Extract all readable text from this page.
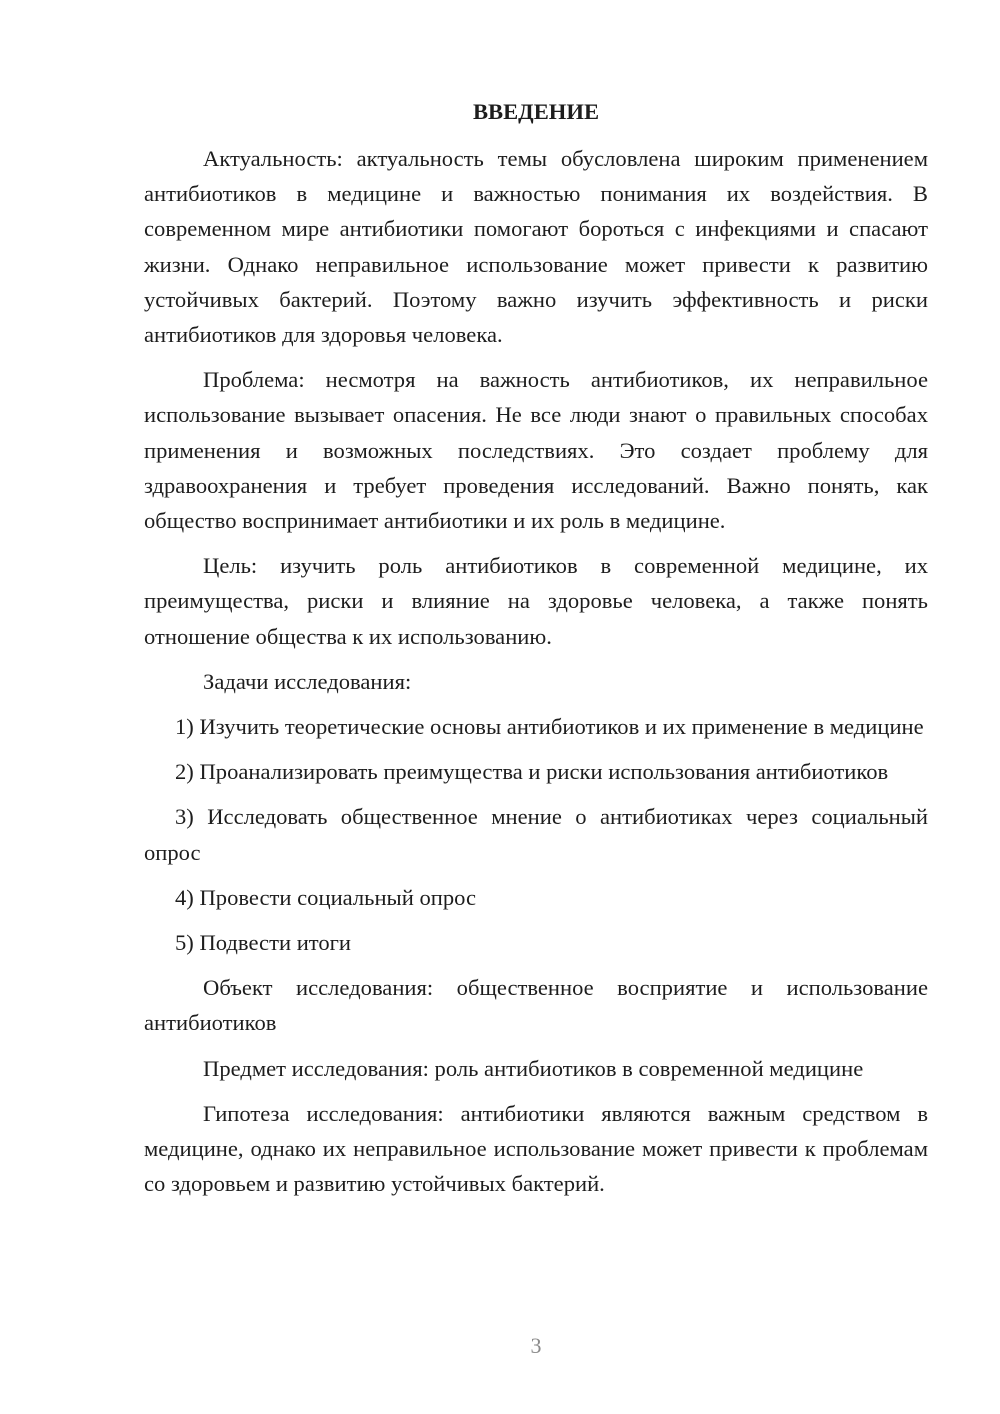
ВВЕДЕНИЕ

Актуальность: актуальность темы обусловлена широким применением антибиотиков в медицине и важностью понимания их воздействия. В современном мире антибиотики помогают бороться с инфекциями и спасают жизни. Однако неправильное использование может привести к развитию устойчивых бактерий. Поэтому важно изучить эффективность и риски антибиотиков для здоровья человека.

Проблема: несмотря на важность антибиотиков, их неправильное использование вызывает опасения. Не все люди знают о правильных способах применения и возможных последствиях. Это создает проблему для здравоохранения и требует проведения исследований. Важно понять, как общество воспринимает антибиотики и их роль в медицине.

Цель: изучить роль антибиотиков в современной медицине, их преимущества, риски и влияние на здоровье человека, а также понять отношение общества к их использованию.

Задачи исследования:

1) Изучить теоретические основы антибиотиков и их применение в медицине

2) Проанализировать преимущества и риски использования антибиотиков

3) Исследовать общественное мнение о антибиотиках через социальный опрос

4) Провести социальный опрос

5) Подвести итоги

Объект исследования: общественное восприятие и использование антибиотиков

Предмет исследования: роль антибиотиков в современной медицине

Гипотеза исследования: антибиотики являются важным средством в медицине, однако их неправильное использование может привести к проблемам со здоровьем и развитию устойчивых бактерий.

3
